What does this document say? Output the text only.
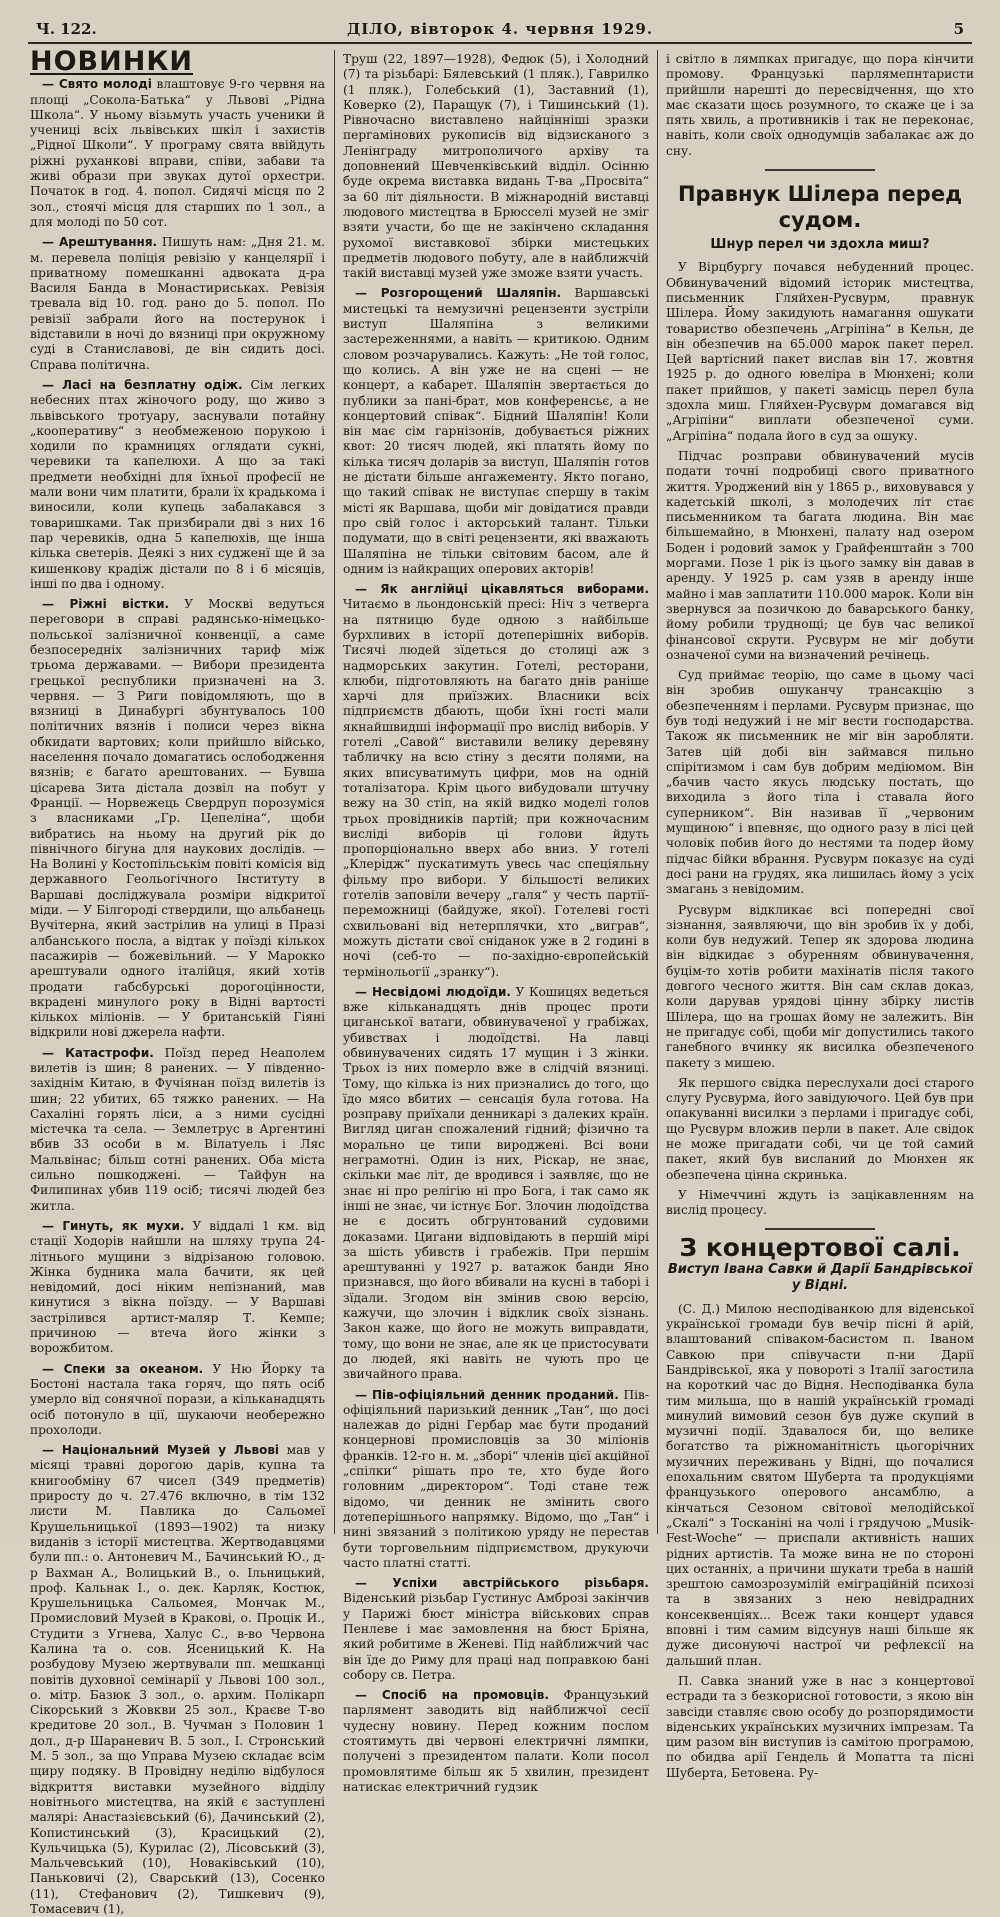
Ч. 122.	ДІЛО, вівторок 4. червня 1929.	5
НОВИНКИ

— Свято молоді влаштовує 9-го червня на площі „Сокола-Батька“ у Львові „Рідна Школа“. У ньому візьмуть участь ученики й учениці всіх львівських шкіл і захистів „Рідної Школи“. У програму свята ввійдуть ріжні руханкові вправи, співи, забави та живі образи при звуках дутої орхестри. Початок в год. 4. попол. Сидячі місця по 2 зол., стоячі місця для старших по 1 зол., а для молоді по 50 сот.

— Арештування. Пишуть нам: „Дня 21. м. м. перевела поліція ревізію у канцелярії і приватному помешканні адвоката д-ра Василя Банда в Монастириськах. Ревізія тревала від 10. год. рано до 5. попол. По ревізії забрали його на постерунок і відставили в ночі до вязниці при окружному суді в Станиславові, де він сидить досі. Справа політична.

— Ласі на безплатну одіж. Сім легких небесних птах жіночого роду, що живо з львівського тротуару, заснували потайну „кооперативу“ з необмеженою порукою і ходили по крамницях оглядати сукні, черевики та капелюхи. А що за такі предмети необхідні для їхньої професії не мали вони чим платити, брали їх крадькома і виносили, коли купець забалакався з товаришками. Так призбирали дві з них 16 пар черевиків, одна 5 капелюхів, ще інша кілька светерів. Деякі з них судженї ще й за кишенкову крадіж дістали по 8 і 6 місяців, інші по два і одному.

— Ріжні вістки. У Москві ведуться переговори в справі радянсько-німецько-польської залізничної конвенції, а саме безпосередніх залізничних тариф між трьома державами. — Вибори президента грецької республики призначені на 3. червня. — З Риги повідомляють, що в вязниці в Динабургі збунтувалось 100 політичних вязнів і полиси через вікна обкидати вартових; коли прийшло військо, населення почало домагатись ослободження вязнів; є багато арештованих. — Бувша цісарева Зита дістала дозвіл на побут у Франції. — Норвежець Свердруп порозуміся з власниками „Гр. Цепеліна“, щоби вибратись на ньому на другий рік до північного бігуна для наукових дослідів. — На Волині у Костопільськім повіті комісія від державного Геольогічного Інституту в Варшаві досліджувала розміри відкритої міди. — У Білгороді ствердили, що альбанець Вучітерна, який застрілив на улиці в Празі албанського посла, а відтак у поїзді кількох пасажирів — божевільний. — У Марокко арештували одного італійця, який хотів продати габсбурські дорогоцінности, вкрадені минулого року в Відні вартості кількох міліонів. — У британській Гіяні відкрили нові джерела нафти.

— Катастрофи. Поїзд перед Неаполем вилетів із шин; 8 ранених. — У південно-західнім Китаю, в Фучіянан поїзд вилетів із шин; 22 убитих, 65 тяжко ранених. — На Сахаліні горять ліси, а з ними сусідні містечка та села. — Землетрус в Аргентині вбив 33 особи в м. Вілатуель і Ляс Мальвінас; більш сотні ранених. Оба міста сильно пошкоджені. — Тайфун на Филипинах убив 119 осіб; тисячі людей без житла.

— Гинуть, як мухи. У віддалі 1 км. від стації Ходорів найшли на шляху трупа 24-літнього мущини з відрізаною головою. Жінка будника мала бачити, як цей невідомий, досі ніким непізнаний, мав кинутися з вікна поїзду. — У Варшаві застрілився артист-маляр Т. Кемпе; причиною — втеча його жінки з ворожбитом.

— Спеки за океаном. У Ню Йорку та Бостоні настала така горяч, що пять осіб умерло від сонячної порази, а кільканадцять осіб потонуло в ції, шукаючи необережно прохолоди.

— Національний Музей у Львові мав у місяці травні дорогою дарів, купна та книгообміну 67 чисел (349 предметів) приросту до ч. 27.476 включно, в тім 132 листи М. Павлика до Сальомеї Крушельницької (1893—1902) та низку виданів з історії мистецтва. Жертводавцями були пп.: о. Антоневич М., Бачинський Ю., д-р Вахман А., Волицький В., о. Ільницький, проф. Кальнак І., о. дек. Карляк, Костюк, Крушельницька Сальомея, Мончак М., Промисловий Музей в Кракові, о. Процік И., Студити з Угнева, Халус С., в-во Червона Калина та о. сов. Ясеницький К. На розбудову Музею жертвували пп. мешканці повітів духовної семінарії у Львові 100 зол., о. мітр. Базюк 3 зол., о. архим. Полікарп Сікорський з Жовкви 25 зол., Краєве Т-во кредитове 20 зол., В. Чучман з Половин 1 дол., д-р Шараневич В. 5 зол., І. Стронський М. 5 зол., за що Управа Музею складає всім щиру подяку. В Провідну неділю відбулося відкриття виставки музейного відділу новітнього мистецтва, на якій є заступлені малярі: Анастазієвський (6), Дачинський (2), Копистинський (3), Красицький (2), Кульчицька (5), Курилас (2), Лісовський (3), Мальчевський (10), Новаківський (10), Паньковичі (2), Сварський (13), Сосенко (11), Стефанович (2), Тишкевич (9), Томасевич (1),

Труш (22, 1897—1928), Федюк (5), і Холодний (7) та різьбарі: Бялевський (1 пляк.), Гаврилко (1 пляк.), Голебський (1), Заставний (1), Коверко (2), Паращук (7), і Тишинський (1). Рівночасно виставлено найцінніші зразки пергамінових рукописів від відзисканого з Ленінграду митрополичого архіву та доповнений Шевченківський відділ. Осінню буде окрема виставка видань Т-ва „Просвіта“ за 60 літ діяльности. В міжнародній виставці людового мистецтва в Брюсселі музей не зміг взяти участи, бо ще не закінчено складання рухомої виставкової збірки мистецьких предметів людового побуту, але в найближчій такій виставці музей уже зможе взяти участь.

— Розгорощений Шаляпін. Варшавські мистецькі та немузичні рецензенти зустріли виступ Шаляпіна з великими застереженнями, а навіть — критикою. Одним словом розчарувались. Кажуть: „Не той голос, що колись. А він уже не на сцені — не концерт, а кабарет. Шаляпін звертається до публики за пані-брат, мов конференсьє, а не концертовий співак“. Бідний Шаляпін! Коли він має сім гарнізонів, добувається ріжних квот: 20 тисяч людей, які платять йому по кілька тисяч доларів за виступ, Шаляпін готов не дістати більше ангажементу. Якто погано, що такий співак не виступає спершу в такім місті як Варшава, щоби міг довідатися правди про свій голос і акторський талант. Тільки подумати, що в світі рецензенти, які вважають Шаляпіна не тільки світовим басом, але й одним із найкращих оперових акторів!

— Як англійці цікавляться виборами. Читаємо в льондонській пресі: Ніч з четверга на пятницю буде одною з найбільше бурхливих в історії дотеперішніх виборів. Тисячі людей зїдеться до столиці аж з надморських закутин. Готелі, ресторани, клюби, підготовляють на багато днів раніше харчі для приїзжих. Власники всіх підприємств дбають, щоби їхні гості мали якнайшвидші інформації про вислід виборів. У готелі „Савой“ виставили велику деревяну табличку на всю стіну з десяти полями, на яких вписуватимуть цифри, мов на одній тоталізатора. Крім цього вибудовали штучну вежу на 30 стіп, на якій видко моделі голов трьох провідників партій; при кожночасним висліді виборів ці голови йдуть пропорціонально вверх або вниз. У готелі „Клерідж“ пускатимуть увесь час спеціяльну фільму про вибори. У більшості великих готелів заповіли вечеру „галя“ у честь партії-переможниці (байдуже, якої). Готелеві гості схвильовані від нетерплячки, хто „виграв“, можуть дістати свої сніданок уже в 2 годині в ночі (себ-то — по-західно-європейській термінольогії „зранку“).

— Несвідомі людоїди. У Кошицях ведеться вже кільканадцять днів процес проти циганської ватаги, обвинуваченої у грабіжах, убивствах і людоїдстві. На лавці обвинувачених сидять 17 мущин і 3 жінки. Трьох із них померло вже в слідчій вязниці. Тому, що кілька із них признались до того, що їдо мясо вбитих — сенсація була готова. На розправу приїхали денникарі з далеких країн. Вигляд циган спожалений гідний; фізично та морально це типи вироджені. Всі вони неграмотні. Один із них, Ріскар, не знає, скільки має літ, де вродився і заявляє, що не знає ні про релігію ні про Бога, і так само як інші не знає, чи істнує Бог. Злочин людоїдства не є досить обгрунтований судовими доказами. Цигани відповідають в першій мірі за шість убивств і грабежів. При першім арештуванні у 1927 р. ватажок банди Яно признався, що його вбивали на кусні в таборі і зїдали. Згодом він змінив свою версію, кажучи, що злочин і відклик своїх зізнань. Закон каже, що його не можуть виправдати, тому, що вони не знає, але як це пристосувати до людей, які навіть не чують про це звичайного права.

— Пів-офіціяльний денник проданий. Пів-офіціяльний паризький денник „Тан“, що досі належав до рідні Гербар має бути проданий концернові промисловців за 30 міліонів франків. 12-го н. м. „зборі“ членів цієї акційної „спілки“ рішать про те, хто буде його головним „директором“. Тоді стане теж відомо, чи денник не змінить свого дотеперішнього напрямку. Відомо, що „Тан“ і нині звязаний з політикою уряду не перестав бути торговельним підприємством, друкуючи часто платні статті.

— Успіхи австрійського різьбаря. Віденський різьбар Густинус Амброзі закінчив у Парижі бюст міністра військових справ Пенлеве і має замовлення на бюст Бріяна, який робитиме в Женеві. Під найближчий час він їде до Риму для праці над поправкою бані собору св. Петра.

— Спосіб на промовців. Французький парлямент заводить від найближчої сесії чудесну новину. Перед кожним послом стоятимуть дві червоні електричні лямпки, получені з президентом палати. Коли посол промовлятиме більш як 5 хвилин, президент натискає електричний гудзик

і світло в лямпках пригадує, що пора кінчити промову. Французькі парлямепнтаристи прийшли нарешті до пересвідчення, що хто має сказати щось розумного, то скаже це і за пять хвиль, а противників і так не переконає, навіть, коли своїх однодумців забалакає аж до сну.

Правнук Шілера перед судом.
Шнур перел чи здохла миш?

У Вірцбургу почався небуденний процес. Обвинувачений відомий історик мистецтва, письменник Гляйхен-Русвурм, правнук Шілера. Йому закидують намагання ошукати товариство обезпечень „Агріпіна“ в Кельн, де він обезпечив на 65.000 марок пакет перел. Цей вартісний пакет вислав він 17. жовтня 1925 р. до одного ювеліра в Мюнхені; коли пакет прийшов, у пакеті замісць перел була здохла миш. Гляйхен-Русвурм домагався від „Агріпіни“ виплати обезпеченої суми. „Агріпіна“ подала його в суд за ошуку.

Підчас розправи обвинувачений мусів подати точні подробиці свого приватного життя. Уроджений він у 1865 р., виховувався у кадетській школі, з молодечих літ стає письменником та багата людина. Він має більшемайно, в Мюнхені, палату над озером Боден і родовий замок у Грайфенштайн з 700 моргами. Позе 1 рік із цього замку він давав в аренду. У 1925 р. сам узяв в аренду інше майно і мав заплатити 110.000 марок. Коли він звернувся за позичкою до баварського банку, йому робили труднощі; це був час великої фінансової скрути. Русвурм не міг добути означеної суми на визначений речінець.

Суд приймає теорію, що саме в цьому часі він зробив ошуканчу трансакцію з обезпеченням і перлами. Русвурм признає, що був тоді недужий і не міг вести господарства. Також як письменник не міг він заробляти. Затев цій добі він займався пильно спірітизмом і сам був добрим медіюмом. Він „бачив часто якусь людську постать, що виходила з його тіла і ставала його суперником“. Він називав її „червоним мущиною“ і впевняє, що одного разу в лісі цей чоловік побив його до нестями та подер йому підчас бійки вбрання. Русвурм показує на суді досі рани на грудях, яка лишилась йому з усіх змагань з невідомим.

Русвурм відкликає всі попередні свої зізнання, заявляючи, що він зробив їх у добі, коли був недужий. Тепер як здорова людина він відкидає з обуренням обвинувачення, буцім-то хотів робити махінатів після такого довгого чесного життя. Він сам склав доказ, коли дарував урядові цінну збірку листів Шілера, що на грошах йому не залежить. Він не пригадує собі, щоби міг допустились такого ганебного вчинку як висилка обезпеченого пакету з мишею.

Як першого свідка переслухали досі старого слугу Русвурма, його завідуючого. Цей був при опакуванні висилки з перлами і пригадує собі, що Русвурм вложив перли в пакет. Але свідок не може пригадати собі, чи це той самий пакет, який був висланий до Мюнхен як обезпечена цінна скринька.

У Німеччині ждуть із зацікавленням на вислід процесу.

З концертової салі.
Виступ Івана Савки й Дарії Бандрівської у Відні.

(С. Д.) Милою несподіванкою для віденської української громади був вечір пісні й арій, влаштований співаком-басистом п. Іваном Савкою при співучасти п-ни Дарії Бандрівської, яка у повороті з Італії загостила на короткий час до Відня. Несподіванка була тим мильша, що в нашій українській громаді минулий вимовий сезон був дуже скупий в музичні події. Здавалося би, що велике богатство та ріжноманітність цьогорічних музичних переживань у Відні, що почалися епохальним святом Шуберта та продукціями французького оперового ансамблю, а кінчаться Сезоном світової мелодійської „Скалі“ з Тосканіні на чолі і грядучою „Musik-Fest-Woche“ — приспали активність наших рідних артистів. Та може вина не по стороні цих останніх, а причини шукати треба в нашій зрештою самозрозумілій еміграційній психозі та в звязаних з нею невідрадних консеквенціях... Всеж таки концерт удався вповні і тим самим відсунув наші більше як дуже дисонуючі настрої чи рефлексії на дальший план.

П. Савка знаний уже в нас з концертової естради та з безкорисної готовости, з якою він завсіди ставляє свою особу до розпорядимости віденських українських музичних імпрезам. Та цим разом він виступив із самітою програмою, по обидва арії Гендель й Мопатта та пісні Шуберта, Бетовена. Ру-
